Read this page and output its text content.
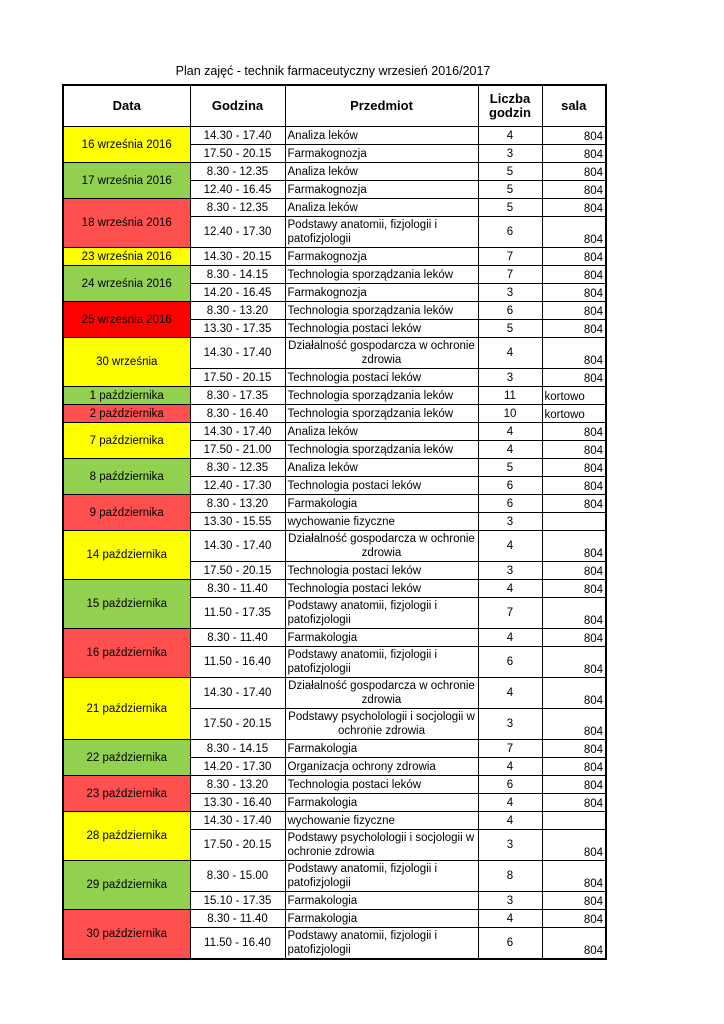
Plan zajęć - technik farmaceutyczny wrzesień 2016/2017
Data	Godzina	Przedmiot	Liczba godzin	sala
16 września 2016	14.30 - 17.40	Analiza leków	4	804
	17.50 - 20.15	Farmakognozja	3	804
17 września 2016	8.30 - 12.35	Analiza leków	5	804
	12.40 - 16.45	Farmakognozja	5	804
18 września 2016	8.30 - 12.35	Analiza leków	5	804
	12.40 - 17.30	Podstawy anatomii, fizjologii i patofizjologii	6	804
23 września 2016	14.30 - 20.15	Farmakognozja	7	804
24 września 2016	8.30 - 14.15	Technologia sporządzania leków	7	804
	14.20 - 16.45	Farmakognozja	3	804
25 września 2016	8.30 - 13.20	Technologia sporządzania leków	6	804
	13.30 - 17.35	Technologia postaci leków	5	804
30 września	14.30 - 17.40	Działalność gospodarcza w ochronie zdrowia	4	804
	17.50 - 20.15	Technologia postaci leków	3	804
1 października	8.30 - 17.35	Technologia sporządzania leków	11	kortowo
2 października	8.30 - 16.40	Technologia sporządzania leków	10	kortowo
7 października	14.30 - 17.40	Analiza leków	4	804
	17.50 - 21.00	Technologia sporządzania leków	4	804
8 października	8.30 - 12.35	Analiza leków	5	804
	12.40 - 17.30	Technologia postaci leków	6	804
9 października	8.30 - 13.20	Farmakologia	6	804
	13.30 - 15.55	wychowanie fizyczne	3	
14 października	14.30 - 17.40	Działalność gospodarcza w ochronie zdrowia	4	804
	17.50 - 20.15	Technologia postaci leków	3	804
15 października	8.30 - 11.40	Technologia postaci leków	4	804
	11.50 - 17.35	Podstawy anatomii, fizjologii i patofizjologii	7	804
16 października	8.30 - 11.40	Farmakologia	4	804
	11.50 - 16.40	Podstawy anatomii, fizjologii i patofizjologii	6	804
21 października	14.30 - 17.40	Działalność gospodarcza w ochronie zdrowia	4	804
	17.50 - 20.15	Podstawy psycholologii i socjologii w ochronie zdrowia	3	804
22 października	8.30 - 14.15	Farmakologia	7	804
	14.20 - 17.30	Organizacja ochrony zdrowia	4	804
23 października	8.30 - 13.20	Technologia postaci leków	6	804
	13.30 - 16.40	Farmakologia	4	804
28 października	14.30 - 17.40	wychowanie fizyczne	4	
	17.50 - 20.15	Podstawy psycholologii i socjologii w ochronie zdrowia	3	804
29 października	8.30 - 15.00	Podstawy anatomii, fizjologii i patofizjologii	8	804
	15.10 - 17.35	Farmakologia	3	804
30 października	8.30 - 11.40	Farmakologia	4	804
	11.50 - 16.40	Podstawy anatomii, fizjologii i patofizjologii	6	804
